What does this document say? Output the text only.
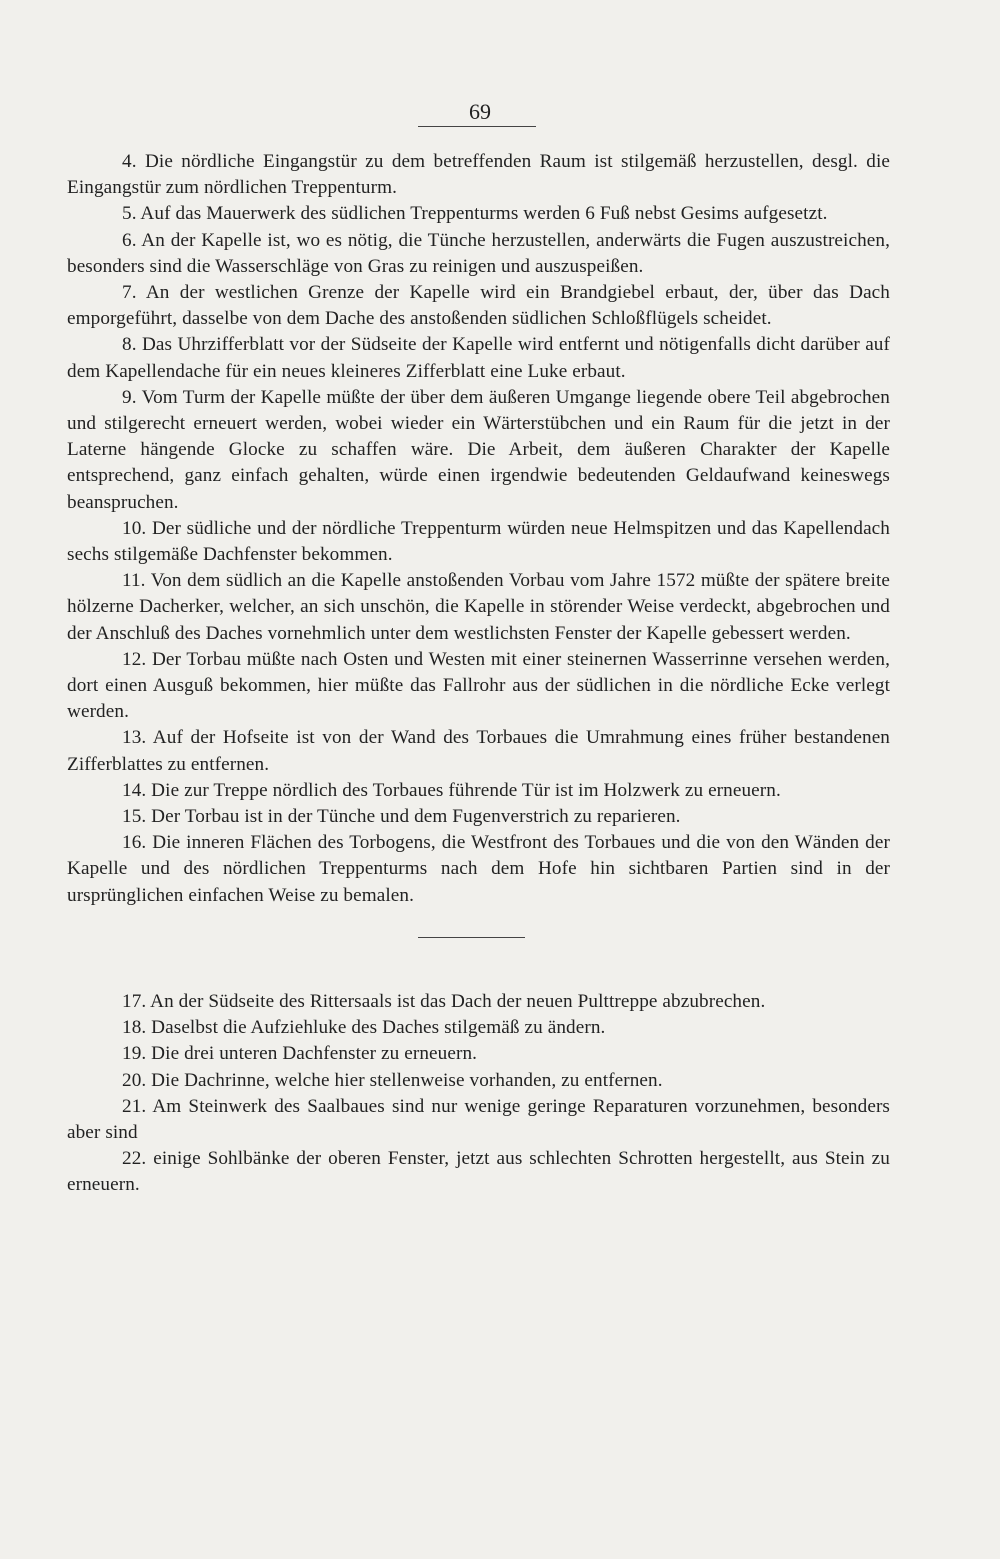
69

4. Die nördliche Eingangstür zu dem betreffenden Raum ist stilgemäß herzustellen, desgl. die Eingangstür zum nördlichen Treppenturm.

5. Auf das Mauerwerk des südlichen Treppenturms werden 6 Fuß nebst Gesims aufgesetzt.

6. An der Kapelle ist, wo es nötig, die Tünche herzustellen, anderwärts die Fugen auszustreichen, besonders sind die Wasserschläge von Gras zu reinigen und auszuspeißen.

7. An der westlichen Grenze der Kapelle wird ein Brandgiebel erbaut, der, über das Dach emporgeführt, dasselbe von dem Dache des anstoßenden südlichen Schloßflügels scheidet.

8. Das Uhrzifferblatt vor der Südseite der Kapelle wird entfernt und nötigenfalls dicht darüber auf dem Kapellendache für ein neues kleineres Zifferblatt eine Luke erbaut.

9. Vom Turm der Kapelle müßte der über dem äußeren Umgange liegende obere Teil abgebrochen und stilgerecht erneuert werden, wobei wieder ein Wärterstübchen und ein Raum für die jetzt in der Laterne hängende Glocke zu schaffen wäre. Die Arbeit, dem äußeren Charakter der Kapelle entsprechend, ganz einfach gehalten, würde einen irgendwie bedeutenden Geldaufwand keineswegs beanspruchen.

10. Der südliche und der nördliche Treppenturm würden neue Helmspitzen und das Kapellendach sechs stilgemäße Dachfenster bekommen.

11. Von dem südlich an die Kapelle anstoßenden Vorbau vom Jahre 1572 müßte der spätere breite hölzerne Dacherker, welcher, an sich unschön, die Kapelle in störender Weise verdeckt, abgebrochen und der Anschluß des Daches vornehmlich unter dem westlichsten Fenster der Kapelle gebessert werden.

12. Der Torbau müßte nach Osten und Westen mit einer steinernen Wasserrinne versehen werden, dort einen Ausguß bekommen, hier müßte das Fallrohr aus der südlichen in die nördliche Ecke verlegt werden.

13. Auf der Hofseite ist von der Wand des Torbaues die Umrahmung eines früher bestandenen Zifferblattes zu entfernen.

14. Die zur Treppe nördlich des Torbaues führende Tür ist im Holzwerk zu erneuern.

15. Der Torbau ist in der Tünche und dem Fugenverstrich zu reparieren.

16. Die inneren Flächen des Torbogens, die Westfront des Torbaues und die von den Wänden der Kapelle und des nördlichen Treppenturms nach dem Hofe hin sichtbaren Partien sind in der ursprünglichen einfachen Weise zu bemalen.

17. An der Südseite des Rittersaals ist das Dach der neuen Pulttreppe abzubrechen.

18. Daselbst die Aufziehluke des Daches stilgemäß zu ändern.

19. Die drei unteren Dachfenster zu erneuern.

20. Die Dachrinne, welche hier stellenweise vorhanden, zu entfernen.

21. Am Steinwerk des Saalbaues sind nur wenige geringe Reparaturen vorzunehmen, besonders aber sind

22. einige Sohlbänke der oberen Fenster, jetzt aus schlechten Schrotten hergestellt, aus Stein zu erneuern.
